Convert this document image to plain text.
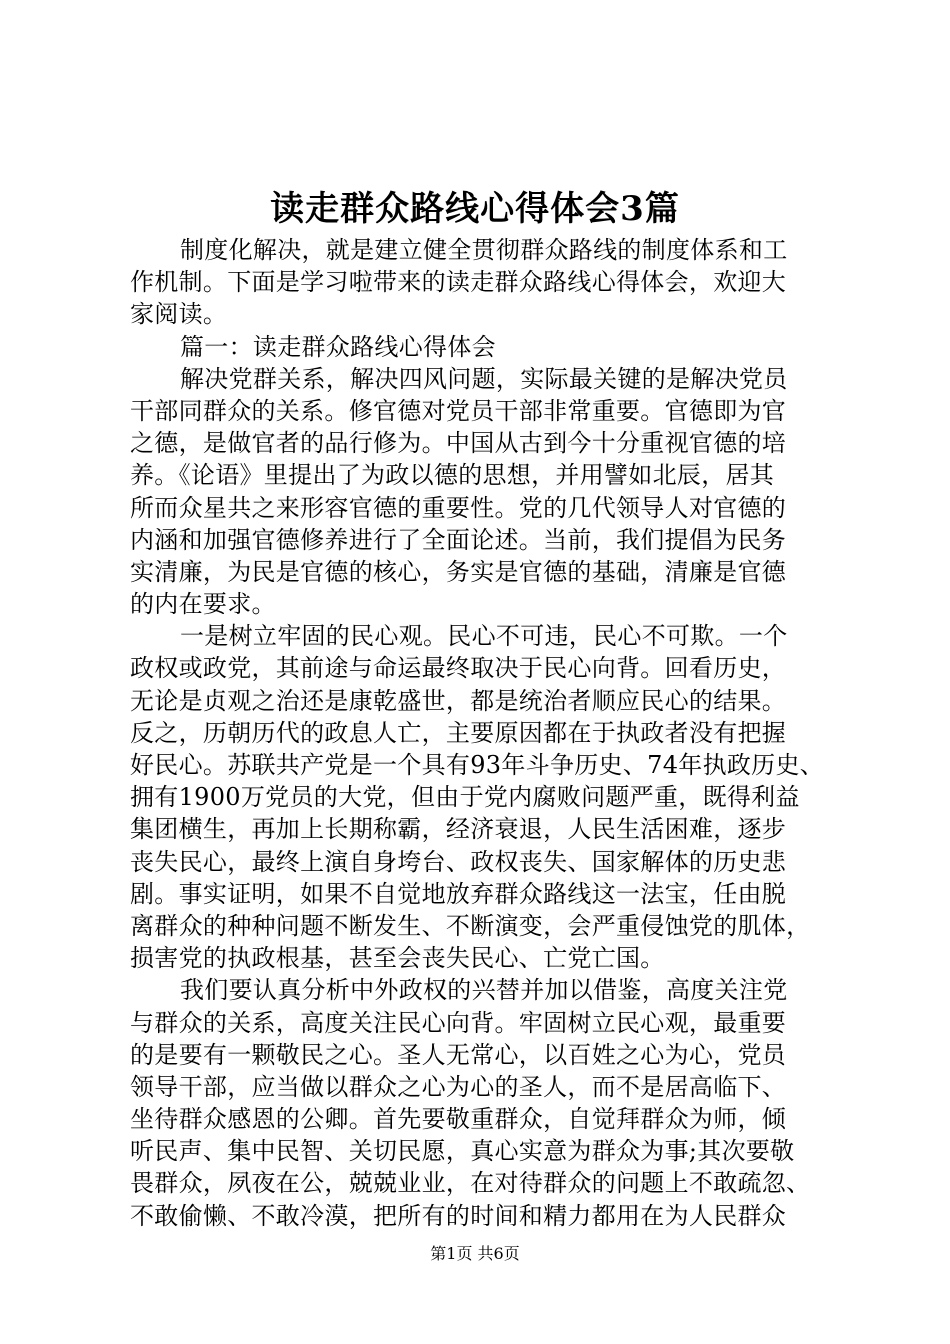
读走群众路线心得体会3篇
制度化解决，就是建立健全贯彻群众路线的制度体系和工
作机制。下面是学习啦带来的读走群众路线心得体会，欢迎大
家阅读。
篇一：读走群众路线心得体会
解决党群关系，解决四风问题，实际最关键的是解决党员
干部同群众的关系。修官德对党员干部非常重要。官德即为官
之德，是做官者的品行修为。中国从古到今十分重视官德的培
养。《论语》里提出了为政以德的思想，并用譬如北辰，居其
所而众星共之来形容官德的重要性。党的几代领导人对官德的
内涵和加强官德修养进行了全面论述。当前，我们提倡为民务
实清廉，为民是官德的核心，务实是官德的基础，清廉是官德
的内在要求。
一是树立牢固的民心观。民心不可违，民心不可欺。一个
政权或政党，其前途与命运最终取决于民心向背。回看历史，
无论是贞观之治还是康乾盛世，都是统治者顺应民心的结果。
反之，历朝历代的政息人亡，主要原因都在于执政者没有把握
好民心。苏联共产党是一个具有93年斗争历史、74年执政历史、
拥有1900万党员的大党，但由于党内腐败问题严重，既得利益
集团横生，再加上长期称霸，经济衰退，人民生活困难，逐步
丧失民心，最终上演自身垮台、政权丧失、国家解体的历史悲
剧。事实证明，如果不自觉地放弃群众路线这一法宝，任由脱
离群众的种种问题不断发生、不断演变，会严重侵蚀党的肌体，
损害党的执政根基，甚至会丧失民心、亡党亡国。
我们要认真分析中外政权的兴替并加以借鉴，高度关注党
与群众的关系，高度关注民心向背。牢固树立民心观，最重要
的是要有一颗敬民之心。圣人无常心，以百姓之心为心，党员
领导干部，应当做以群众之心为心的圣人，而不是居高临下、
坐待群众感恩的公卿。首先要敬重群众，自觉拜群众为师，倾
听民声、集中民智、关切民愿，真心实意为群众为事;其次要敬
畏群众，夙夜在公，兢兢业业，在对待群众的问题上不敢疏忽、
不敢偷懒、不敢冷漠，把所有的时间和精力都用在为人民群众
第1页 共6页
